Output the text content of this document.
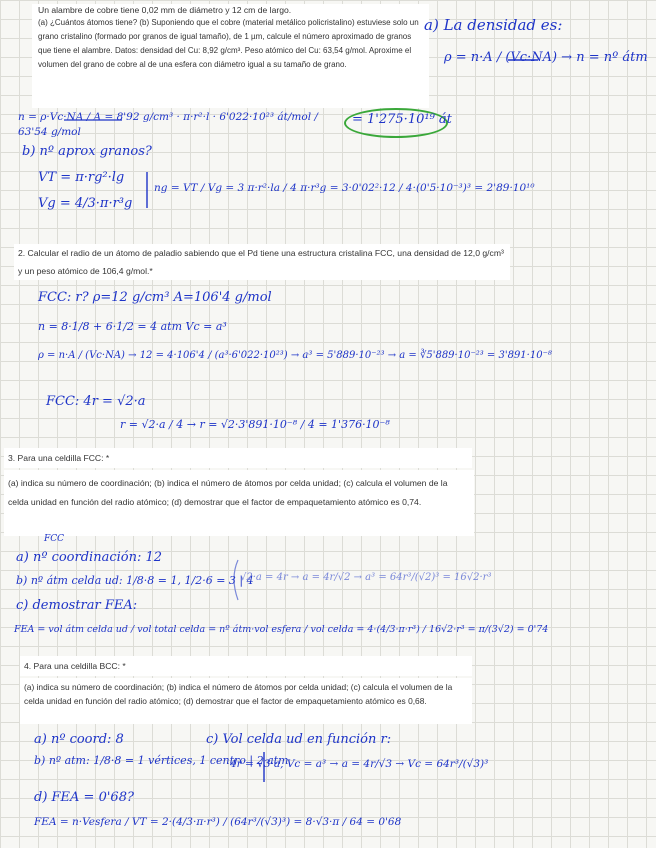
Un alambre de cobre tiene 0,02 mm de diámetro y 12 cm de largo.

(a) ¿Cuántos átomos tiene? (b) Suponiendo que el cobre (material metálico policristalino) estuviese solo un grano cristalino (formado por granos de igual tamaño), de 1 µm, calcule el número aproximado de granos que tiene el alambre. Datos: densidad del Cu: 8,92 g/cm³. Peso atómico del Cu: 63,54 g/mol. Aproxime el volumen del grano de cobre al de una esfera con diámetro igual a su tamaño de grano.

a) La densidad es:
ρ = n·A / (Vc·NA) → n = nº átm
n = ρ·Vc·NA / A = 8'92 g/cm³ · π·r²·l · 6'022·10²³ át/mol / 63'54 g/mol
= 1'275·10¹⁹ át
b) nº aprox granos?
VT = π·rg²·lg
Vg = 4/3·π·r³g
ng = VT / Vg = 3 π·r²·la / 4 π·r³g = 3·0'02²·12 / 4·(0'5·10⁻³)³ = 2'89·10¹⁰

2. Calcular el radio de un átomo de paladio sabiendo que el Pd tiene una estructura cristalina FCC, una densidad de 12,0 g/cm³ y un peso atómico de 106,4 g/mol.*

FCC: r? ρ=12 g/cm³ A=106'4 g/mol
n = 8·1/8 + 6·1/2 = 4 atm Vc = a³
ρ = n·A / (Vc·NA) → 12 = 4·106'4 / (a³·6'022·10²³) → a³ = 5'889·10⁻²³ → a = ∛5'889·10⁻²³ = 3'891·10⁻⁸
FCC: 4r = √2·a
r = √2·a / 4 → r = √2·3'891·10⁻⁸ / 4 = 1'376·10⁻⁸

3. Para una celdilla FCC: *

(a) indica su número de coordinación; (b) indica el número de átomos por celda unidad; (c) calcula el volumen de la celda unidad en función del radio atómico; (d) demostrar que el factor de empaquetamiento atómico es 0,74.

FCC
a) nº coordinación: 12
b) nº átm celda ud: 1/8·8 = 1, 1/2·6 = 3 | 4
c) demostrar FEA:
√2·a = 4r → a = 4r/√2 → a³ = 64r³/(√2)³ = 16√2·r³
FEA = vol átm celda ud / vol total celda = nº átm·vol esfera / vol celda = 4·(4/3·π·r³) / 16√2·r³ = π/(3√2) = 0'74

4. Para una celdilla BCC: *

(a) indica su número de coordinación; (b) indica el número de átomos por celda unidad; (c) calcula el volumen de la celda unidad en función del radio atómico; (d) demostrar que el factor de empaquetamiento atómico es 0,68.

a) nº coord: 8
b) nº atm: 1/8·8 = 1 vértices, 1 centro | 2 atm
c) Vol celda ud en función r:
4r = √3·a, Vc = a³ → a = 4r/√3 → Vc = 64r³/(√3)³
d) FEA = 0'68?
FEA = n·Vesfera / VT = 2·(4/3·π·r³) / (64r³/(√3)³) = 8·√3·π / 64 = 0'68
